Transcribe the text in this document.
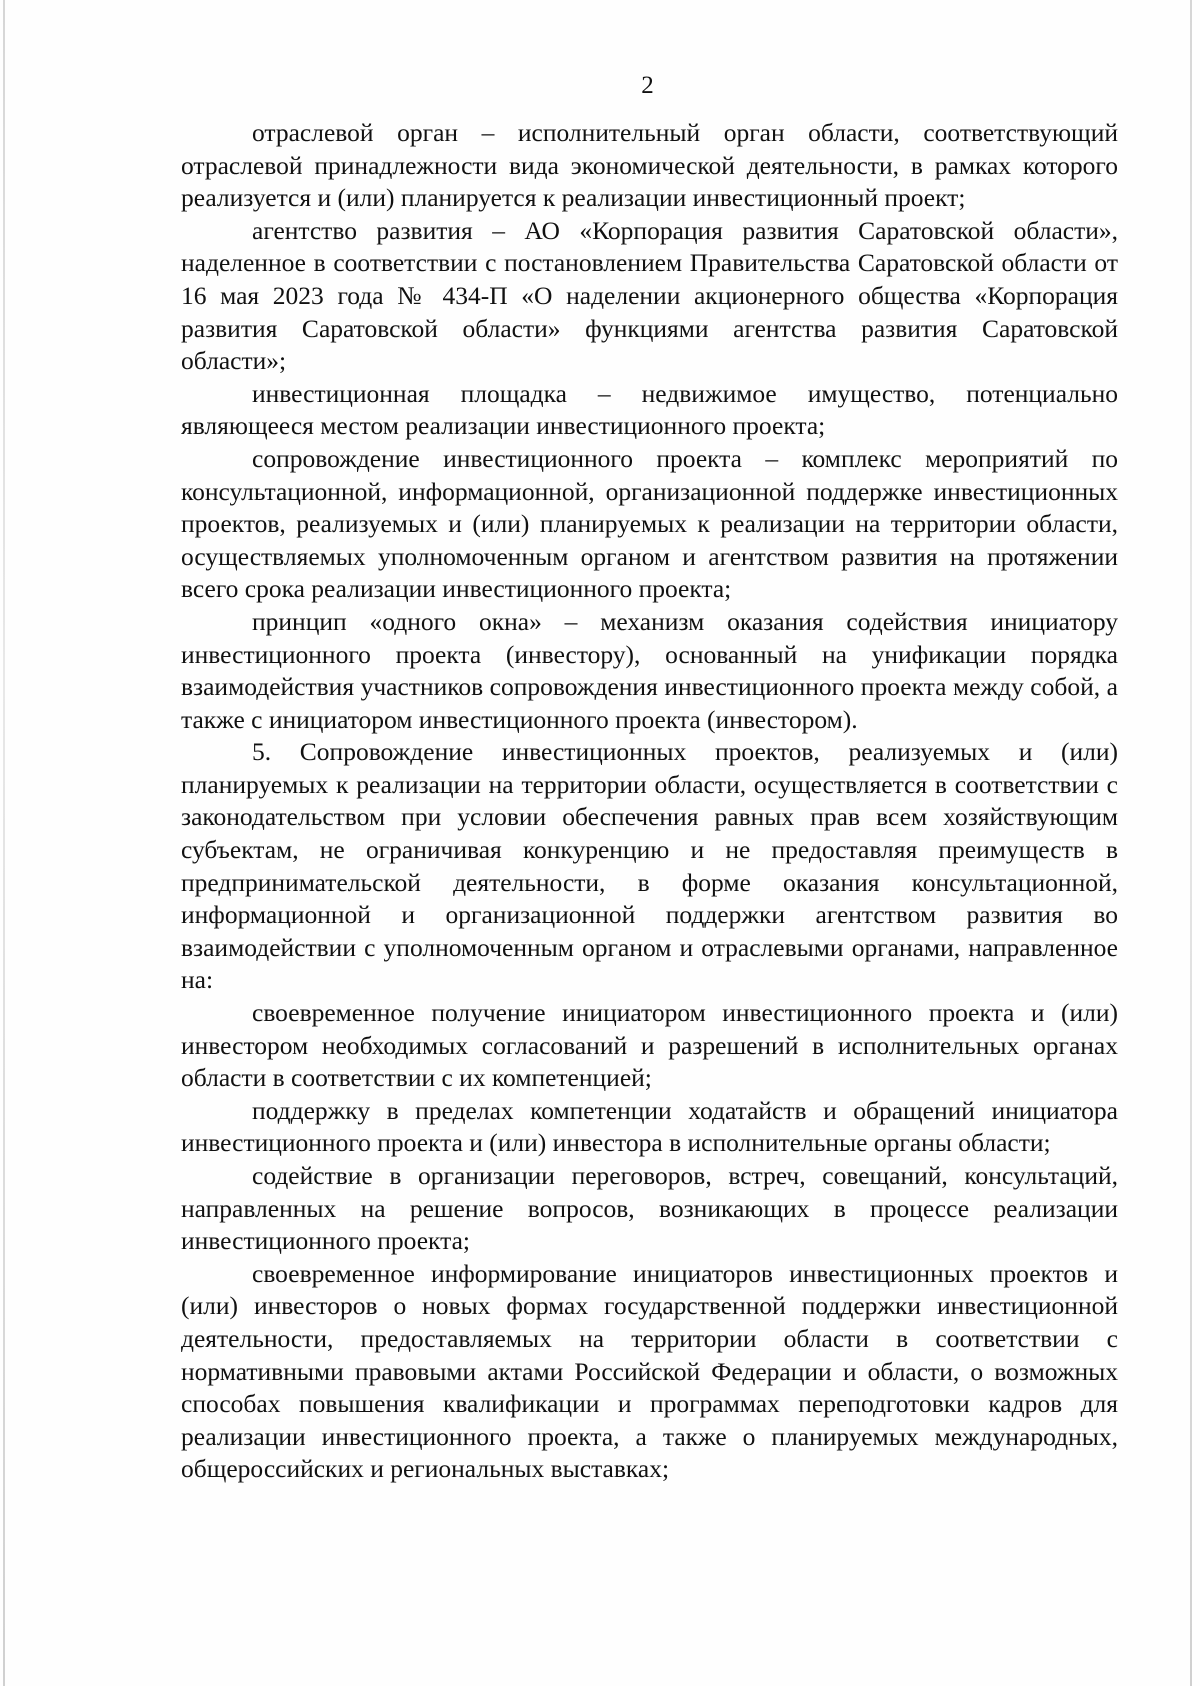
2

отраслевой орган – исполнительный орган области, соответствующий отраслевой принадлежности вида экономической деятельности, в рамках которого реализуется и (или) планируется к реализации инвестиционный проект;

агентство развития – АО «Корпорация развития Саратовской области», наделенное в соответствии с постановлением Правительства Саратовской области от 16 мая 2023 года № 434-П «О наделении акционерного общества «Корпорация развития Саратовской области» функциями агентства развития Саратовской области»;

инвестиционная площадка – недвижимое имущество, потенциально являющееся местом реализации инвестиционного проекта;

сопровождение инвестиционного проекта – комплекс мероприятий по консультационной, информационной, организационной поддержке инвестиционных проектов, реализуемых и (или) планируемых к реализации на территории области, осуществляемых уполномоченным органом и агентством развития на протяжении всего срока реализации инвестиционного проекта;

принцип «одного окна» – механизм оказания содействия инициатору инвестиционного проекта (инвестору), основанный на унификации порядка взаимодействия участников сопровождения инвестиционного проекта между собой, а также с инициатором инвестиционного проекта (инвестором).

5. Сопровождение инвестиционных проектов, реализуемых и (или) планируемых к реализации на территории области, осуществляется в соответствии с законодательством при условии обеспечения равных прав всем хозяйствующим субъектам, не ограничивая конкуренцию и не предоставляя преимуществ в предпринимательской деятельности, в форме оказания консультационной, информационной и организационной поддержки агентством развития во взаимодействии с уполномоченным органом и отраслевыми органами, направленное на:

своевременное получение инициатором инвестиционного проекта и (или) инвестором необходимых согласований и разрешений в исполнительных органах области в соответствии с их компетенцией;

поддержку в пределах компетенции ходатайств и обращений инициатора инвестиционного проекта и (или) инвестора в исполнительные органы области;

содействие в организации переговоров, встреч, совещаний, консультаций, направленных на решение вопросов, возникающих в процессе реализации инвестиционного проекта;

своевременное информирование инициаторов инвестиционных проектов и (или) инвесторов о новых формах государственной поддержки инвестиционной деятельности, предоставляемых на территории области в соответствии с нормативными правовыми актами Российской Федерации и области, о возможных способах повышения квалификации и программах переподготовки кадров для реализации инвестиционного проекта, а также о планируемых международных, общероссийских и региональных выставках;
